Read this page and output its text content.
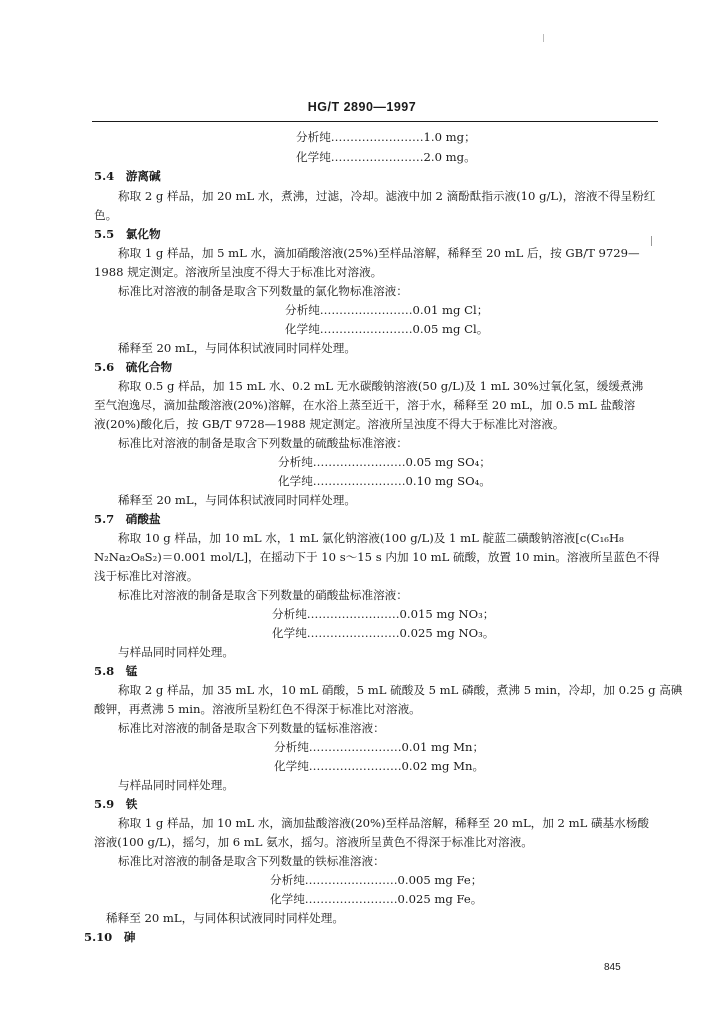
HG/T 2890—1997
分析纯……………………1.0 mg；
化学纯……………………2.0 mg。
5.4　游离碱
称取 2 g 样品，加 20 mL 水，煮沸，过滤，冷却。滤液中加 2 滴酚酞指示液(10 g/L)，溶液不得呈粉红
色。
5.5　氯化物
称取 1 g 样品，加 5 mL 水，滴加硝酸溶液(25%)至样品溶解，稀释至 20 mL 后，按 GB/T 9729—
1988 规定测定。溶液所呈浊度不得大于标准比对溶液。
标准比对溶液的制备是取含下列数量的氯化物标准溶液：
分析纯……………………0.01 mg Cl；
化学纯……………………0.05 mg Cl。
稀释至 20 mL，与同体积试液同时同样处理。
5.6　硫化合物
称取 0.5 g 样品，加 15 mL 水、0.2 mL 无水碳酸钠溶液(50 g/L)及 1 mL 30%过氧化氢，缓缓煮沸
至气泡逸尽，滴加盐酸溶液(20%)溶解，在水浴上蒸至近干，溶于水，稀释至 20 mL，加 0.5 mL 盐酸溶
液(20%)酸化后，按 GB/T 9728—1988 规定测定。溶液所呈浊度不得大于标准比对溶液。
标准比对溶液的制备是取含下列数量的硫酸盐标准溶液：
分析纯……………………0.05 mg SO₄；
化学纯……………………0.10 mg SO₄。
稀释至 20 mL，与同体积试液同时同样处理。
5.7　硝酸盐
称取 10 g 样品，加 10 mL 水，1 mL 氯化钠溶液(100 g/L)及 1 mL 靛蓝二磺酸钠溶液[c(C₁₆H₈
N₂Na₂O₈S₂)＝0.001 mol/L]，在摇动下于 10 s～15 s 内加 10 mL 硫酸，放置 10 min。溶液所呈蓝色不得
浅于标准比对溶液。
标准比对溶液的制备是取含下列数量的硝酸盐标准溶液：
分析纯……………………0.015 mg NO₃；
化学纯……………………0.025 mg NO₃。
与样品同时同样处理。
5.8　锰
称取 2 g 样品，加 35 mL 水，10 mL 硝酸，5 mL 硫酸及 5 mL 磷酸，煮沸 5 min，冷却，加 0.25 g 高碘
酸钾，再煮沸 5 min。溶液所呈粉红色不得深于标准比对溶液。
标准比对溶液的制备是取含下列数量的锰标准溶液：
分析纯……………………0.01 mg Mn；
化学纯……………………0.02 mg Mn。
与样品同时同样处理。
5.9　铁
称取 1 g 样品，加 10 mL 水，滴加盐酸溶液(20%)至样品溶解，稀释至 20 mL，加 2 mL 磺基水杨酸
溶液(100 g/L)，摇匀，加 6 mL 氨水，摇匀。溶液所呈黄色不得深于标准比对溶液。
标准比对溶液的制备是取含下列数量的铁标准溶液：
分析纯……………………0.005 mg Fe；
化学纯……………………0.025 mg Fe。
稀释至 20 mL，与同体积试液同时同样处理。
5.10　砷
845
